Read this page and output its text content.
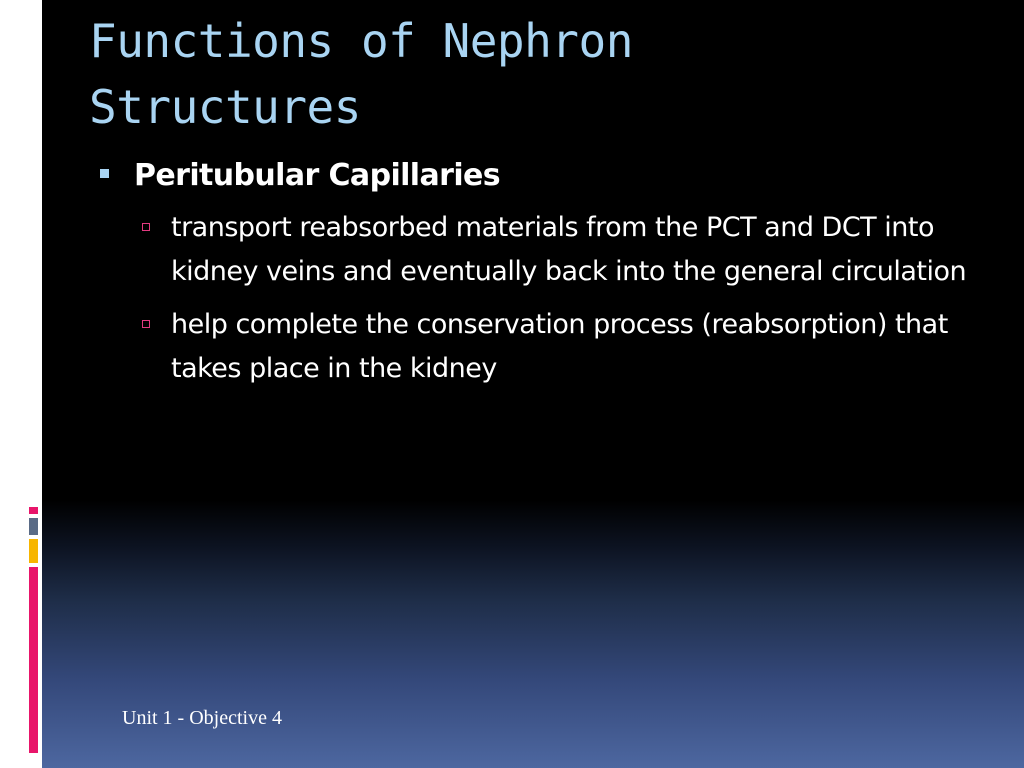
Functions of Nephron
Structures
Peritubular Capillaries
transport reabsorbed materials from the PCT and DCT into kidney veins and eventually back into the general circulation
help complete the conservation process (reabsorption) that takes place in the kidney
Unit 1 - Objective 4
